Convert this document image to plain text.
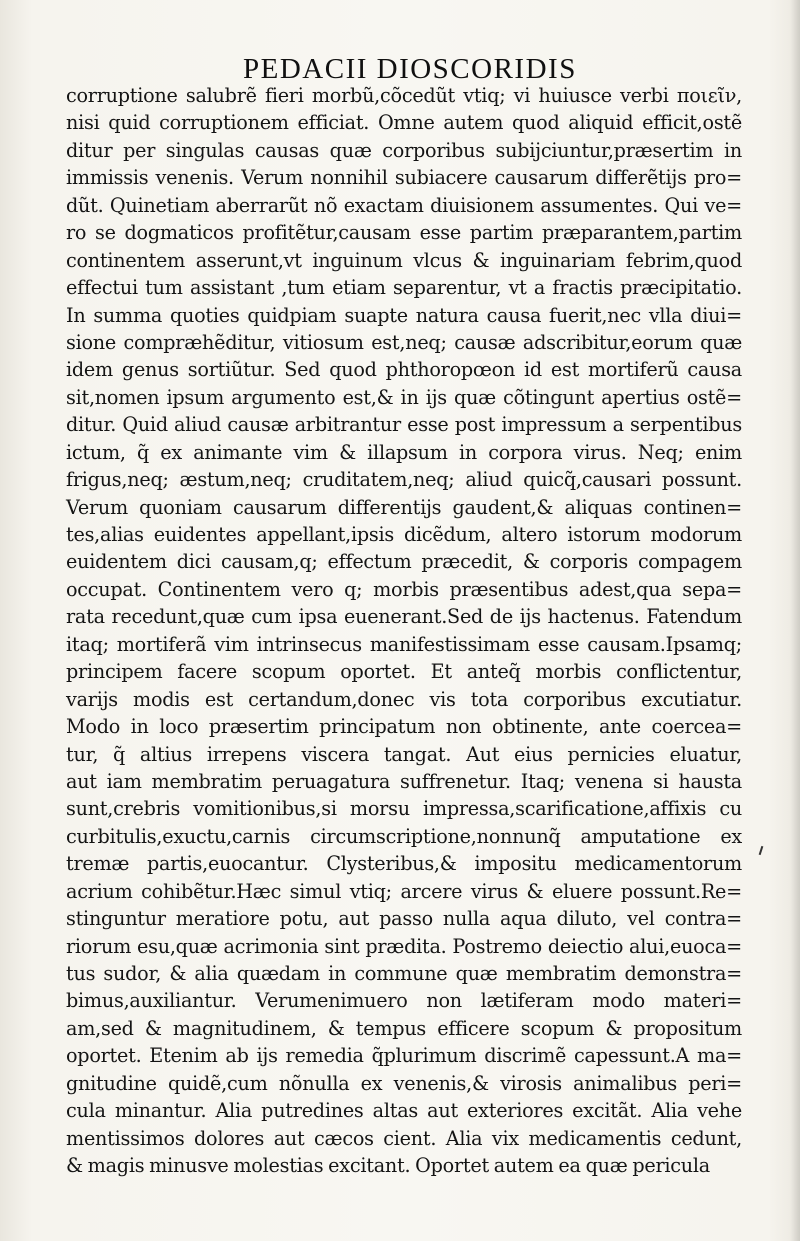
PEDACII DIOSCORIDIS
corruptione salubrẽ fieri morbũ,cõcedũt vtiq; vi huiusce verbi ποιεῖν,
nisi quid corruptionem efficiat. Omne autem quod aliquid efficit,ostẽ
ditur per singulas causas quæ corporibus subijciuntur,præsertim in
immissis venenis. Verum nonnihil subiacere causarum differẽtijs pro=
dũt. Quinetiam aberrarũt nõ exactam diuisionem assumentes. Qui ve=
ro se dogmaticos profitẽtur,causam esse partim præparantem,partim
continentem asserunt,vt inguinum vlcus & inguinariam febrim,quod
effectui tum assistant ,tum etiam separentur, vt a fractis præcipitatio.
In summa quoties quidpiam suapte natura causa fuerit,nec vlla diui=
sione compræhẽditur, vitiosum est,neq; causæ adscribitur,eorum quæ
idem genus sortiũtur. Sed quod phthoropœon id est mortiferũ causa
sit,nomen ipsum argumento est,& in ijs quæ cõtingunt apertius ostẽ=
ditur. Quid aliud causæ arbitrantur esse post impressum a serpentibus
ictum, q̃ ex animante vim & illapsum in corpora virus. Neq; enim
frigus,neq; æstum,neq; cruditatem,neq; aliud quicq̃,causari possunt.
Verum quoniam causarum differentijs gaudent,& aliquas continen=
tes,alias euidentes appellant,ipsis dicẽdum, altero istorum modorum
euidentem dici causam,q; effectum præcedit, & corporis compagem
occupat. Continentem vero q; morbis præsentibus adest,qua sepa=
rata recedunt,quæ cum ipsa euenerant.Sed de ijs hactenus. Fatendum
itaq; mortiferã vim intrinsecus manifestissimam esse causam.Ipsamq;
principem facere scopum oportet. Et anteq̃ morbis conflictentur,
varijs modis est certandum,donec vis tota corporibus excutiatur.
Modo in loco præsertim principatum non obtinente, ante coercea=
tur, q̃ altius irrepens viscera tangat. Aut eius pernicies eluatur,
aut iam membratim peruagatura suffrenetur. Itaq; venena si hausta
sunt,crebris vomitionibus,si morsu impressa,scarificatione,affixis cu
curbitulis,exuctu,carnis circumscriptione,nonnunq̃ amputatione ex
tremæ partis,euocantur. Clysteribus,& impositu medicamentorum
acrium cohibẽtur.Hæc simul vtiq; arcere virus & eluere possunt.Re=
stinguntur meratiore potu, aut passo nulla aqua diluto, vel contra=
riorum esu,quæ acrimonia sint prædita. Postremo deiectio alui,euoca=
tus sudor, & alia quædam in commune quæ membratim demonstra=
bimus,auxiliantur. Verumenimuero non lætiferam modo materi=
am,sed & magnitudinem, & tempus efficere scopum & propositum
oportet. Etenim ab ijs remedia q̃plurimum discrimẽ capessunt.A ma=
gnitudine quidẽ,cum nõnulla ex venenis,& virosis animalibus peri=
cula minantur. Alia putredines altas aut exteriores excitãt. Alia vehe
mentissimos dolores aut cæcos cient. Alia vix medicamentis cedunt,
& magis minusve molestias excitant. Oportet autem ea quæ pericula
